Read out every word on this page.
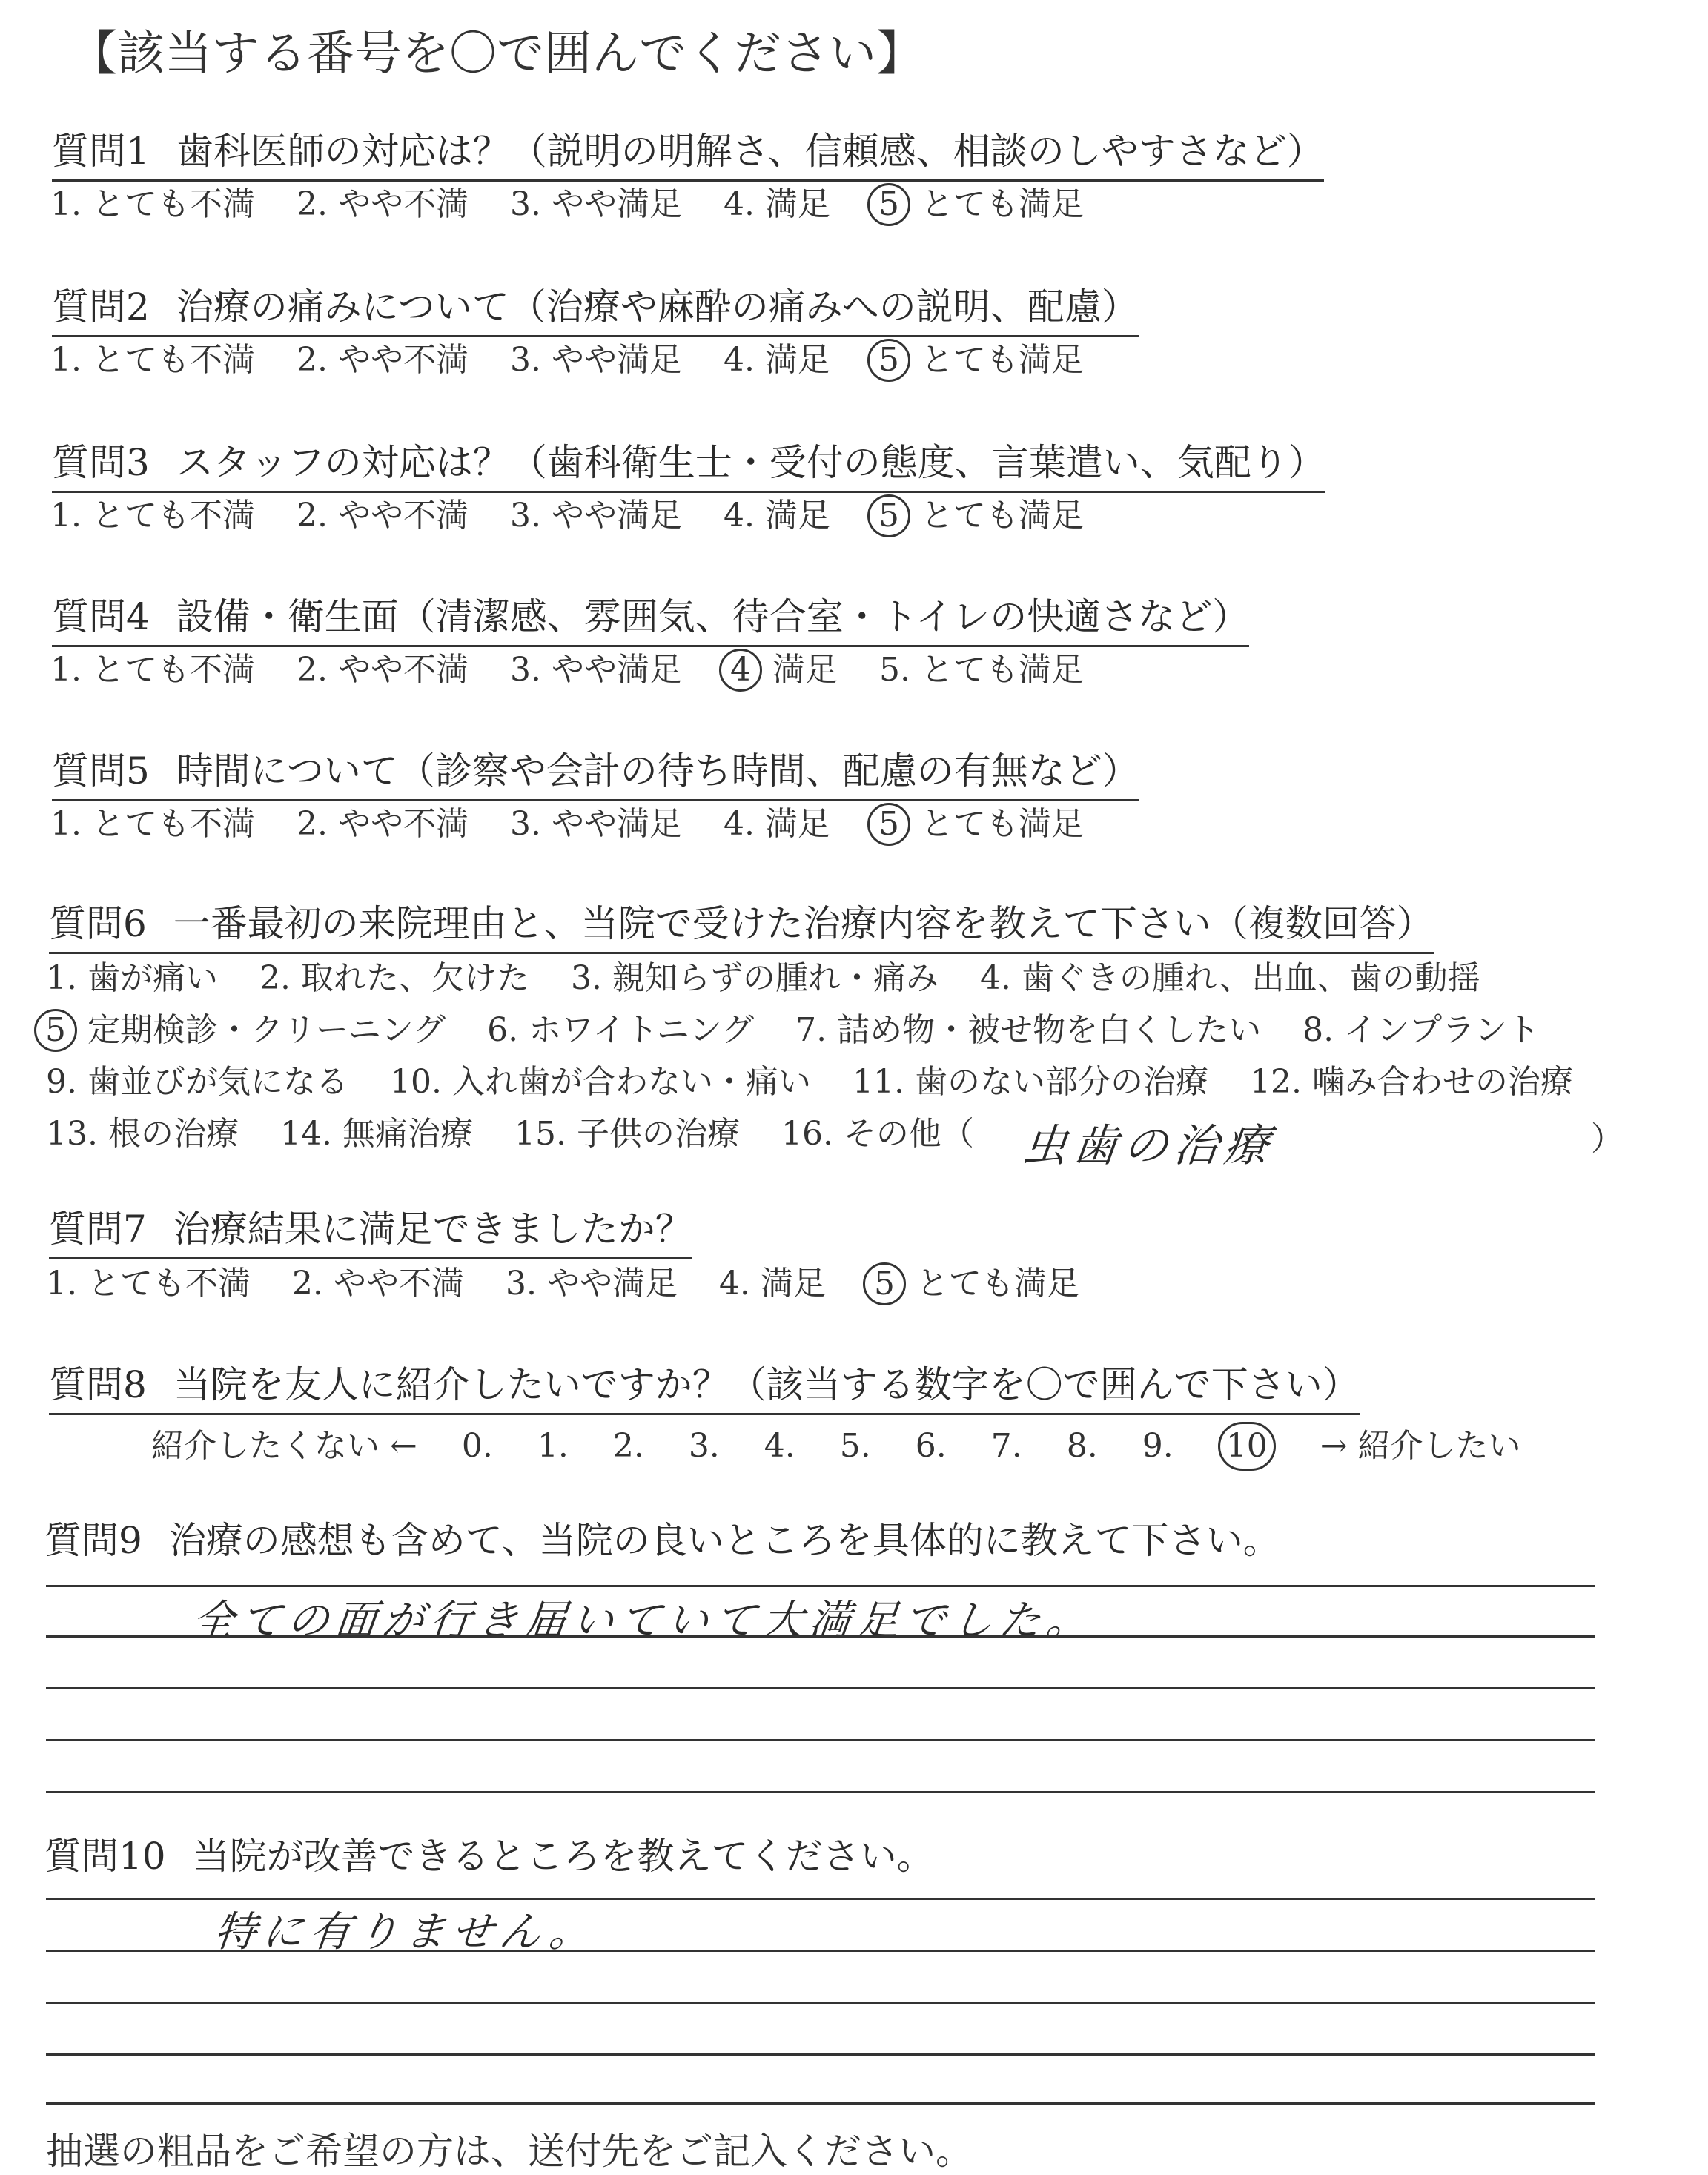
【該当する番号を〇で囲んでください】
質問1 歯科医師の対応は？（説明の明解さ、信頼感、相談のしやすさなど）
1. とても不満 2. やや不満 3. やや満足 4. 満足 5 とても満足
質問2 治療の痛みについて（治療や麻酔の痛みへの説明、配慮）
1. とても不満 2. やや不満 3. やや満足 4. 満足 5 とても満足
質問3 スタッフの対応は？（歯科衛生士・受付の態度、言葉遣い、気配り）
1. とても不満 2. やや不満 3. やや満足 4. 満足 5 とても満足
質問4 設備・衛生面（清潔感、雰囲気、待合室・トイレの快適さなど）
1. とても不満 2. やや不満 3. やや満足 4 満足 5. とても満足
質問5 時間について（診察や会計の待ち時間、配慮の有無など）
1. とても不満 2. やや不満 3. やや満足 4. 満足 5 とても満足
質問6 一番最初の来院理由と、当院で受けた治療内容を教えて下さい（複数回答）
1. 歯が痛い 2. 取れた、欠けた 3. 親知らずの腫れ・痛み 4. 歯ぐきの腫れ、出血、歯の動揺
5 定期検診・クリーニング 6. ホワイトニング 7. 詰め物・被せ物を白くしたい 8. インプラント
9. 歯並びが気になる 10. 入れ歯が合わない・痛い 11. 歯のない部分の治療 12. 噛み合わせの治療
13. 根の治療 14. 無痛治療 15. 子供の治療 16. その他（	虫歯の治療	）
質問7 治療結果に満足できましたか？
1. とても不満 2. やや不満 3. やや満足 4. 満足 5 とても満足
質問8 当院を友人に紹介したいですか？（該当する数字を〇で囲んで下さい）
紹介したくない ← 0. 1. 2. 3. 4. 5. 6. 7. 8. 9. 10 → 紹介したい
質問9 治療の感想も含めて、当院の良いところを具体的に教えて下さい。
全ての面が行き届いていて大満足でした。
質問10 当院が改善できるところを教えてください。
特に有りません。
抽選の粗品をご希望の方は、送付先をご記入ください。
